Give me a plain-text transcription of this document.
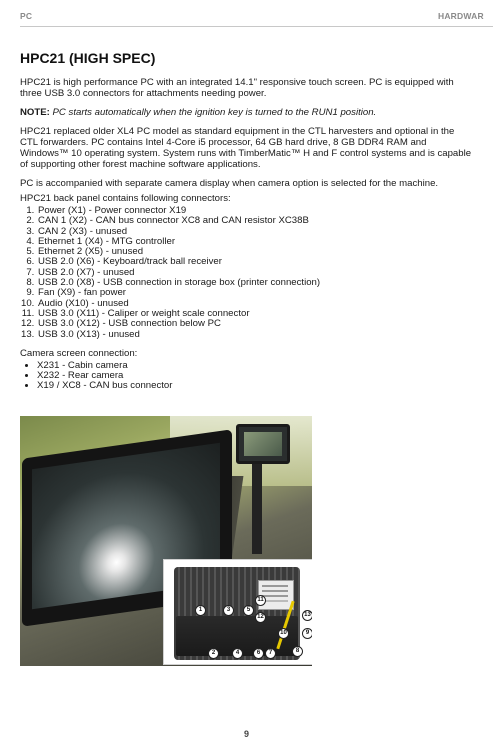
PC	HARDWAR
HPC21 (HIGH SPEC)

HPC21 is high performance PC with an integrated 14.1" responsive touch screen. PC is equipped with three USB 3.0 connectors for attachments needing power.

NOTE: PC starts automatically when the ignition key is turned to the RUN1 position.

HPC21 replaced older XL4 PC model as standard equipment in the CTL harvesters and optional in the CTL forwarders. PC contains Intel 4-Core i5 processor, 64 GB hard drive, 8 GB DDR4 RAM and Windows™ 10 operating system. System runs with TimberMatic™ H and F control systems and is capable of supporting other forest machine software applications.

PC is accompanied with separate camera display when camera option is selected for the machine.

HPC21 back panel contains following connectors:

1. Power (X1) - Power connector X19
2. CAN 1 (X2) - CAN bus connector XC8 and CAN resistor XC38B
3. CAN 2 (X3) - unused
4. Ethernet 1 (X4) - MTG controller
5. Ethernet 2 (X5) - unused
6. USB 2.0 (X6) - Keyboard/track ball receiver
7. USB 2.0 (X7) - unused
8. USB 2.0 (X8) - USB connection in storage box (printer connection)
9. Fan (X9) - fan power
10. Audio (X10) - unused
11. USB 3.0 (X11) - Caliper or weight scale connector
12. USB 3.0 (X12) - USB connection below PC
13. USB 3.0 (X13) - unused

Camera screen connection:

• X231 - Cabin camera
• X232 - Rear camera
• X19 / XC8 - CAN bus connector
1	3	5
11
12	13
9
10
2	4	6	7	8
9
